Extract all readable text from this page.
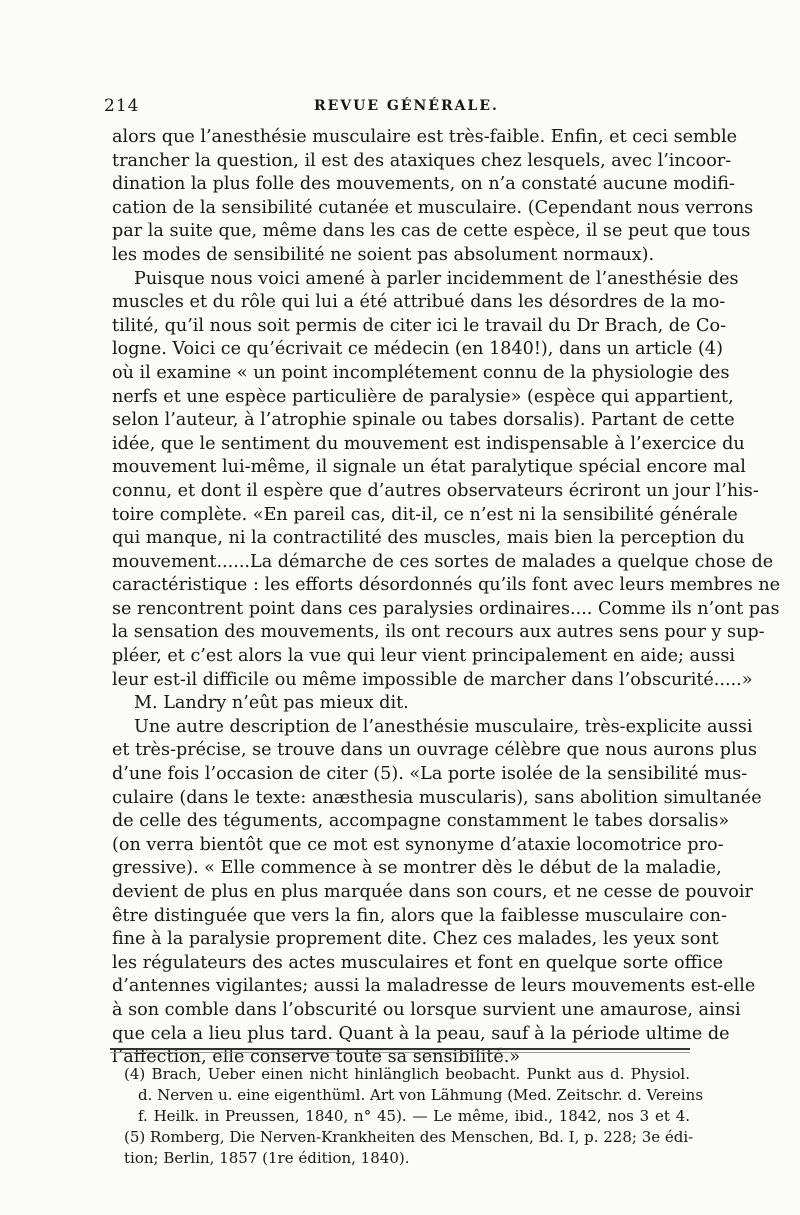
214	REVUE GÉNÉRALE.
alors que l’anesthésie musculaire est très-faible. Enfin, et ceci semble
trancher la question, il est des ataxiques chez lesquels, avec l’incoor-
dination la plus folle des mouvements, on n’a constaté aucune modifi-
cation de la sensibilité cutanée et musculaire. (Cependant nous verrons
par la suite que, même dans les cas de cette espèce, il se peut que tous
les modes de sensibilité ne soient pas absolument normaux).
Puisque nous voici amené à parler incidemment de l’anesthésie des
muscles et du rôle qui lui a été attribué dans les désordres de la mo-
tilité, qu’il nous soit permis de citer ici le travail du Dr Brach, de Co-
logne. Voici ce qu’écrivait ce médecin (en 1840!), dans un article (4)
où il examine « un point incomplétement connu de la physiologie des
nerfs et une espèce particulière de paralysie» (espèce qui appartient,
selon l’auteur, à l’atrophie spinale ou tabes dorsalis). Partant de cette
idée, que le sentiment du mouvement est indispensable à l’exercice du
mouvement lui-même, il signale un état paralytique spécial encore mal
connu, et dont il espère que d’autres observateurs écriront un jour l’his-
toire complète. «En pareil cas, dit-il, ce n’est ni la sensibilité générale
qui manque, ni la contractilité des muscles, mais bien la perception du
mouvement......La démarche de ces sortes de malades a quelque chose de
caractéristique : les efforts désordonnés qu’ils font avec leurs membres ne
se rencontrent point dans ces paralysies ordinaires.... Comme ils n’ont pas
la sensation des mouvements, ils ont recours aux autres sens pour y sup-
pléer, et c’est alors la vue qui leur vient principalement en aide; aussi
leur est-il difficile ou même impossible de marcher dans l’obscurité.....»
M. Landry n’eût pas mieux dit.
Une autre description de l’anesthésie musculaire, très-explicite aussi
et très-précise, se trouve dans un ouvrage célèbre que nous aurons plus
d’une fois l’occasion de citer (5). «La porte isolée de la sensibilité mus-
culaire (dans le texte: anæsthesia muscularis), sans abolition simultanée
de celle des téguments, accompagne constamment le tabes dorsalis»
(on verra bientôt que ce mot est synonyme d’ataxie locomotrice pro-
gressive). « Elle commence à se montrer dès le début de la maladie,
devient de plus en plus marquée dans son cours, et ne cesse de pouvoir
être distinguée que vers la fin, alors que la faiblesse musculaire con-
fine à la paralysie proprement dite. Chez ces malades, les yeux sont
les régulateurs des actes musculaires et font en quelque sorte office
d’antennes vigilantes; aussi la maladresse de leurs mouvements est-elle
à son comble dans l’obscurité ou lorsque survient une amaurose, ainsi
que cela a lieu plus tard. Quant à la peau, sauf à la période ultime de
l’affection, elle conserve toute sa sensibilité.»
(4) Brach, Ueber einen nicht hinlänglich beobacht. Punkt aus d. Physiol.
d. Nerven u. eine eigenthüml. Art von Lähmung (Med. Zeitschr. d. Vereins
f. Heilk. in Preussen, 1840, n° 45). — Le même, ibid., 1842, nos 3 et 4.
(5) Romberg, Die Nerven-Krankheiten des Menschen, Bd. I, p. 228; 3e édi-
tion; Berlin, 1857 (1re édition, 1840).
